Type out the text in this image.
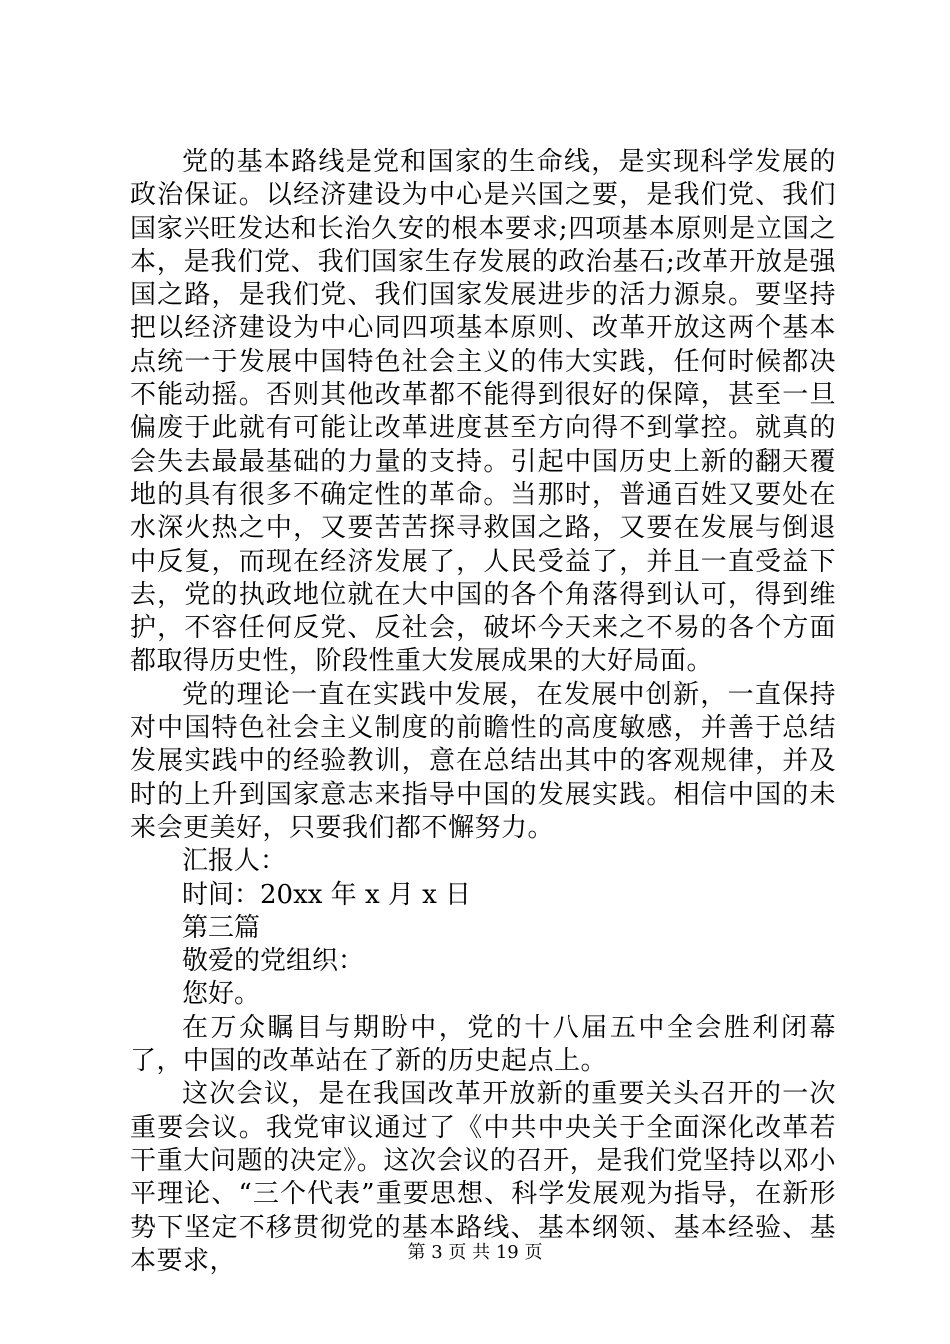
党的基本路线是党和国家的生命线，是实现科学发展的政治保证。以经济建设为中心是兴国之要，是我们党、我们国家兴旺发达和长治久安的根本要求;四项基本原则是立国之本，是我们党、我们国家生存发展的政治基石;改革开放是强国之路，是我们党、我们国家发展进步的活力源泉。要坚持把以经济建设为中心同四项基本原则、改革开放这两个基本点统一于发展中国特色社会主义的伟大实践，任何时候都决不能动摇。否则其他改革都不能得到很好的保障，甚至一旦偏废于此就有可能让改革进度甚至方向得不到掌控。就真的会失去最最基础的力量的支持。引起中国历史上新的翻天覆地的具有很多不确定性的革命。当那时，普通百姓又要处在水深火热之中，又要苦苦探寻救国之路，又要在发展与倒退中反复，而现在经济发展了，人民受益了，并且一直受益下去，党的执政地位就在大中国的各个角落得到认可，得到维护，不容任何反党、反社会，破坏今天来之不易的各个方面都取得历史性，阶段性重大发展成果的大好局面。

党的理论一直在实践中发展，在发展中创新，一直保持对中国特色社会主义制度的前瞻性的高度敏感，并善于总结发展实践中的经验教训，意在总结出其中的客观规律，并及时的上升到国家意志来指导中国的发展实践。相信中国的未来会更美好，只要我们都不懈努力。

汇报人：

时间：20xx 年 x 月 x 日

第三篇

敬爱的党组织：

您好。

在万众瞩目与期盼中，党的十八届五中全会胜利闭幕了，中国的改革站在了新的历史起点上。

这次会议，是在我国改革开放新的重要关头召开的一次重要会议。我党审议通过了《中共中央关于全面深化改革若干重大问题的决定》。这次会议的召开，是我们党坚持以邓小平理论、“三个代表”重要思想、科学发展观为指导，在新形势下坚定不移贯彻党的基本路线、基本纲领、基本经验、基本要求，	第 3 页 共 19 页
